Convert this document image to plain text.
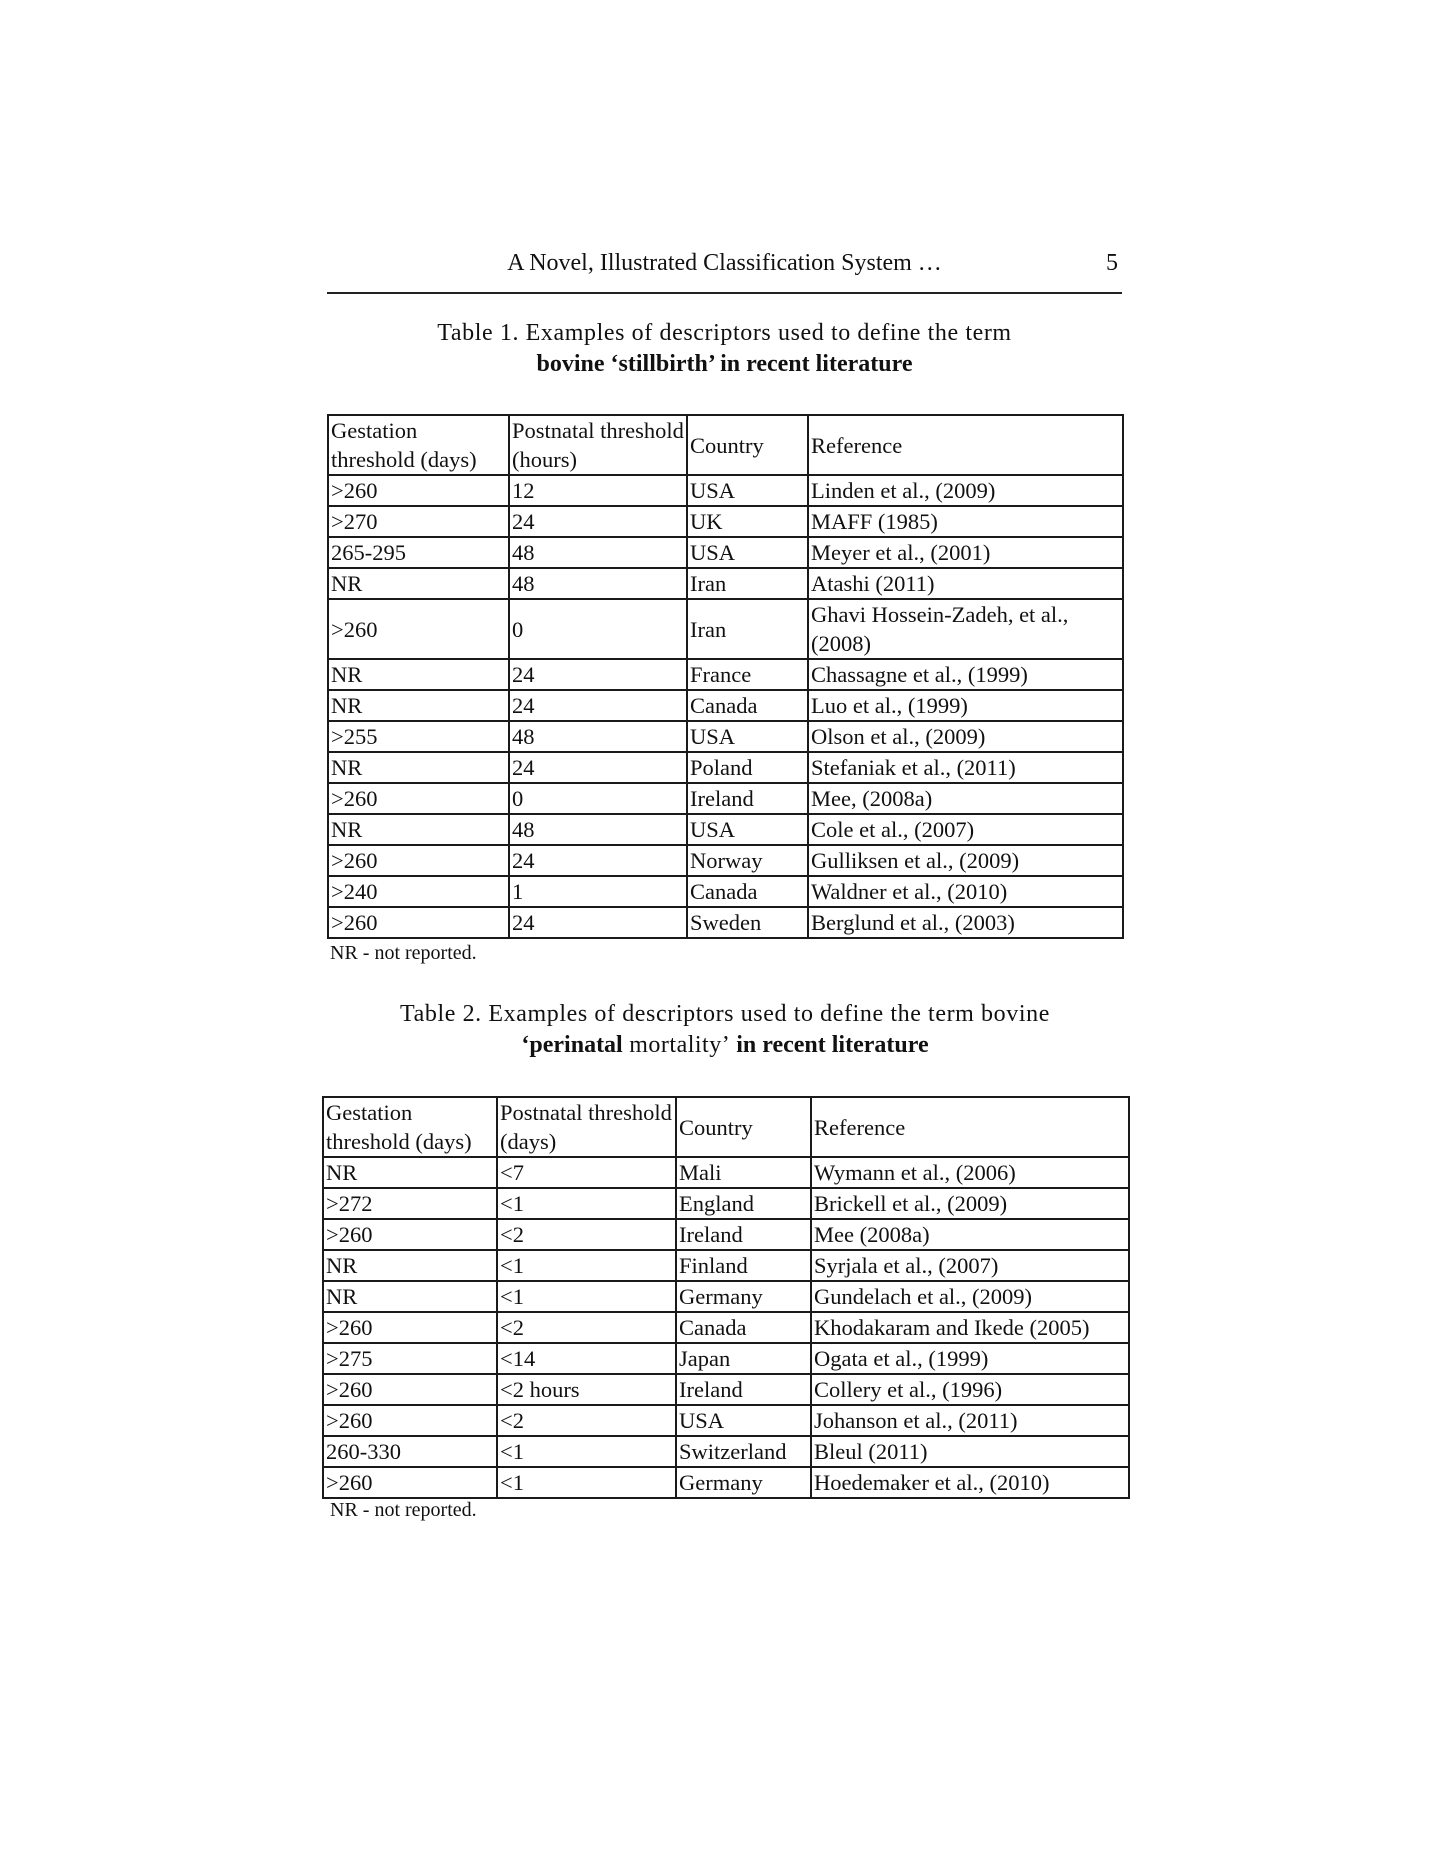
A Novel, Illustrated Classification System …	5
Table 1. Examples of descriptors used to define the term
bovine ‘stillbirth’ in recent literature
Gestation threshold (days)	Postnatal threshold (hours)	Country	Reference
>260	12	USA	Linden et al., (2009)
>270	24	UK	MAFF (1985)
265-295	48	USA	Meyer et al., (2001)
NR	48	Iran	Atashi (2011)
>260	0	Iran	Ghavi Hossein-Zadeh, et al., (2008)
NR	24	France	Chassagne et al., (1999)
NR	24	Canada	Luo et al., (1999)
>255	48	USA	Olson et al., (2009)
NR	24	Poland	Stefaniak et al., (2011)
>260	0	Ireland	Mee, (2008a)
NR	48	USA	Cole et al., (2007)
>260	24	Norway	Gulliksen et al., (2009)
>240	1	Canada	Waldner et al., (2010)
>260	24	Sweden	Berglund et al., (2003)
NR - not reported.
Table 2. Examples of descriptors used to define the term bovine
‘perinatal mortality’ in recent literature
Gestation threshold (days)	Postnatal threshold (days)	Country	Reference
NR	<7	Mali	Wymann et al., (2006)
>272	<1	England	Brickell et al., (2009)
>260	<2	Ireland	Mee (2008a)
NR	<1	Finland	Syrjala et al., (2007)
NR	<1	Germany	Gundelach et al., (2009)
>260	<2	Canada	Khodakaram and Ikede (2005)
>275	<14	Japan	Ogata et al., (1999)
>260	<2 hours	Ireland	Collery et al., (1996)
>260	<2	USA	Johanson et al., (2011)
260-330	<1	Switzerland	Bleul (2011)
>260	<1	Germany	Hoedemaker et al., (2010)
NR - not reported.
